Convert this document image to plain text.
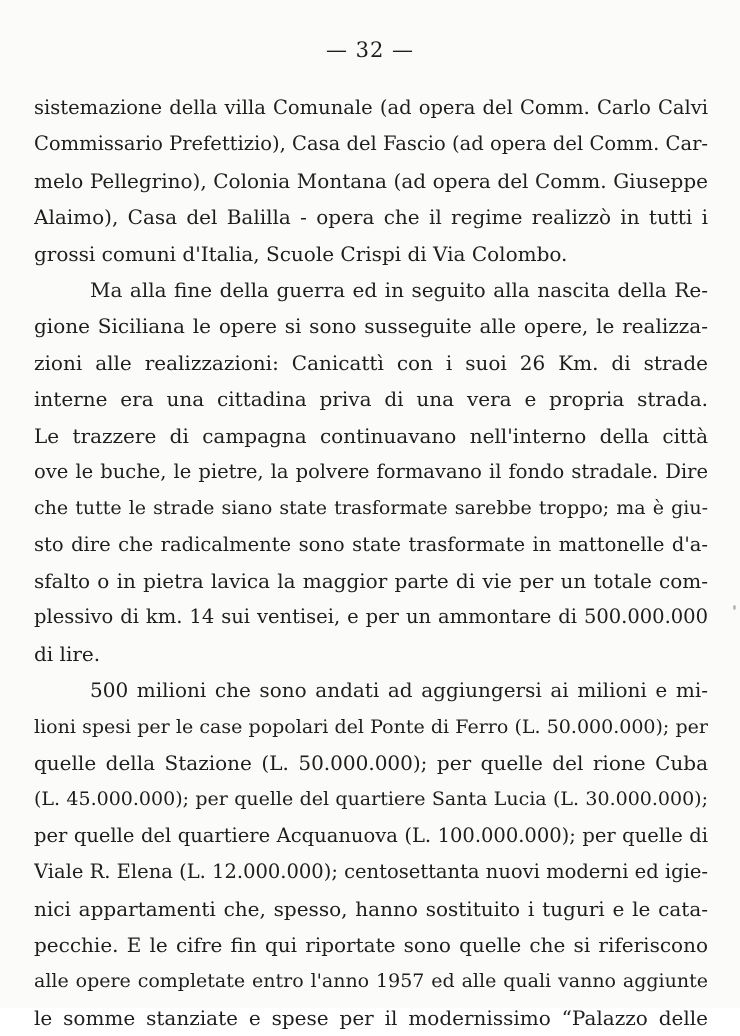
— 32 —
sistemazione della villa Comunale (ad opera del Comm. Carlo Calvi
Commissario Prefettizio), Casa del Fascio (ad opera del Comm. Car-
melo Pellegrino), Colonia Montana (ad opera del Comm. Giuseppe
Alaimo), Casa del Balilla - opera che il regime realizzò in tutti i
grossi comuni d'Italia, Scuole Crispi di Via Colombo.
Ma alla fine della guerra ed in seguito alla nascita della Re-
gione Siciliana le opere si sono susseguite alle opere, le realizza-
zioni alle realizzazioni: Canicattì con i suoi 26 Km. di strade
interne era una cittadina priva di una vera e propria strada.
Le trazzere di campagna continuavano nell'interno della città
ove le buche, le pietre, la polvere formavano il fondo stradale. Dire
che tutte le strade siano state trasformate sarebbe troppo; ma è giu-
sto dire che radicalmente sono state trasformate in mattonelle d'a-
sfalto o in pietra lavica la maggior parte di vie per un totale com-
plessivo di km. 14 sui ventisei, e per un ammontare di 500.000.000
di lire.
500 milioni che sono andati ad aggiungersi ai milioni e mi-
lioni spesi per le case popolari del Ponte di Ferro (L. 50.000.000); per
quelle della Stazione (L. 50.000.000); per quelle del rione Cuba
(L. 45.000.000); per quelle del quartiere Santa Lucia (L. 30.000.000);
per quelle del quartiere Acquanuova (L. 100.000.000); per quelle di
Viale R. Elena (L. 12.000.000); centosettanta nuovi moderni ed igie-
nici appartamenti che, spesso, hanno sostituito i tuguri e le cata-
pecchie. E le cifre fin qui riportate sono quelle che si riferiscono
alle opere completate entro l'anno 1957 ed alle quali vanno aggiunte
le somme stanziate e spese per il modernissimo “Palazzo delle
